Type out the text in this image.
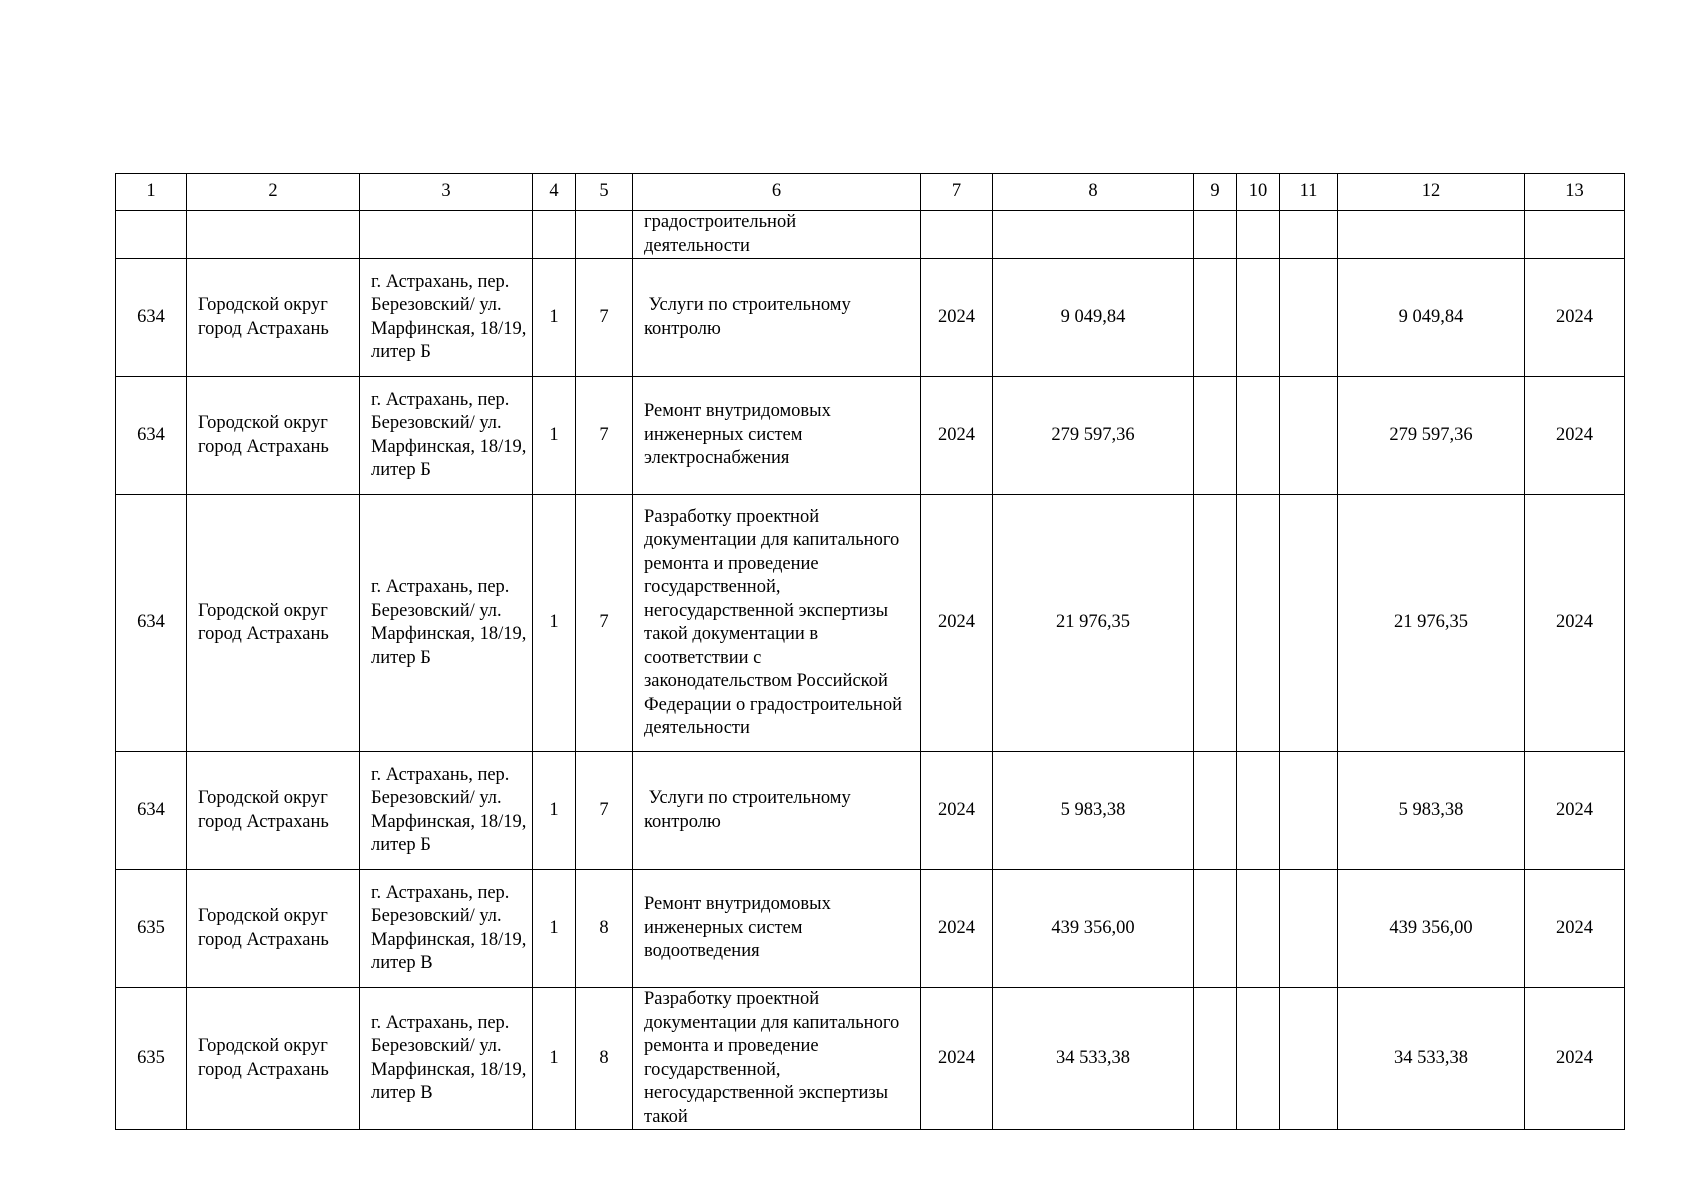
1	2	3	4	5	6	7	8	9	10	11	12	13
					градостроительной
деятельности							
634	Городской округ город Астрахань	г. Астрахань, пер. Березовский/ ул. Марфинская, 18/19, литер Б	1	7	Услуги по строительному контролю	2024	9 049,84				9 049,84	2024
634	Городской округ город Астрахань	г. Астрахань, пер. Березовский/ ул. Марфинская, 18/19, литер Б	1	7	Ремонт внутридомовых инженерных систем электроснабжения	2024	279 597,36				279 597,36	2024
634	Городской округ город Астрахань	г. Астрахань, пер. Березовский/ ул. Марфинская, 18/19, литер Б	1	7	Разработку проектной документации для капитального ремонта и проведение государственной, негосударственной экспертизы такой документации в соответствии с законодательством Российской Федерации о градостроительной деятельности	2024	21 976,35				21 976,35	2024
634	Городской округ город Астрахань	г. Астрахань, пер. Березовский/ ул. Марфинская, 18/19, литер Б	1	7	Услуги по строительному контролю	2024	5 983,38				5 983,38	2024
635	Городской округ город Астрахань	г. Астрахань, пер. Березовский/ ул. Марфинская, 18/19, литер В	1	8	Ремонт внутридомовых инженерных систем водоотведения	2024	439 356,00				439 356,00	2024
635	Городской округ город Астрахань	г. Астрахань, пер. Березовский/ ул. Марфинская, 18/19, литер В	1	8	Разработку проектной документации для капитального ремонта и проведение государственной, негосударственной экспертизы такой	2024	34 533,38				34 533,38	2024
